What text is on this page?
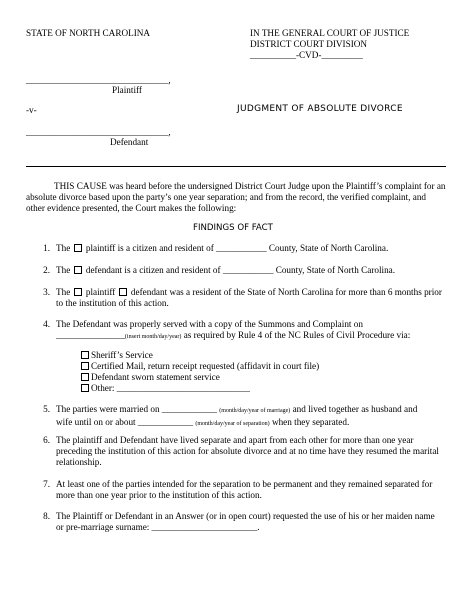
STATE OF NORTH CAROLINA	IN THE GENERAL COURT OF JUSTICE
DISTRICT COURT DIVISION
__________-CVD-_________
_______________________________,
Plaintiff
-v-	JUDGMENT OF ABSOLUTE DIVORCE
_______________________________,
Defendant
THIS CAUSE was heard before the undersigned District Court Judge upon the Plaintiff’s complaint for an absolute divorce based upon the party’s one year separation; and from the record, the verified complaint, and other evidence presented, the Court makes the following:
FINDINGS OF FACT
1. The  plaintiff is a citizen and resident of ___________ County, State of North Carolina.
2. The  defendant is a citizen and resident of ___________ County, State of North Carolina.
3. The  plaintiff  defendant was a resident of the State of North Carolina for more than 6 months prior to the institution of this action.
4. The Defendant was properly served with a copy of the Summons and Complaint on
_______________(insert month/day/year) as required by Rule 4 of the NC Rules of Civil Procedure via:
Sheriff’s Service
Certified Mail, return receipt requested (affidavit in court file)
Defendant sworn statement service
Other: _____________________________
5. The parties were married on ____________ (month/day/year of marriage) and lived together as husband and
wife until on or about ____________ (month/day/year of separation) when they separated.
6. The plaintiff and Defendant have lived separate and apart from each other for more than one year preceding the institution of this action for absolute divorce and at no time have they resumed the marital relationship.
7. At least one of the parties intended for the separation to be permanent and they remained separated for more than one year prior to the institution of this action.
8. The Plaintiff or Defendant in an Answer (or in open court) requested the use of his or her maiden name
or pre-marriage surname: _______________________.
